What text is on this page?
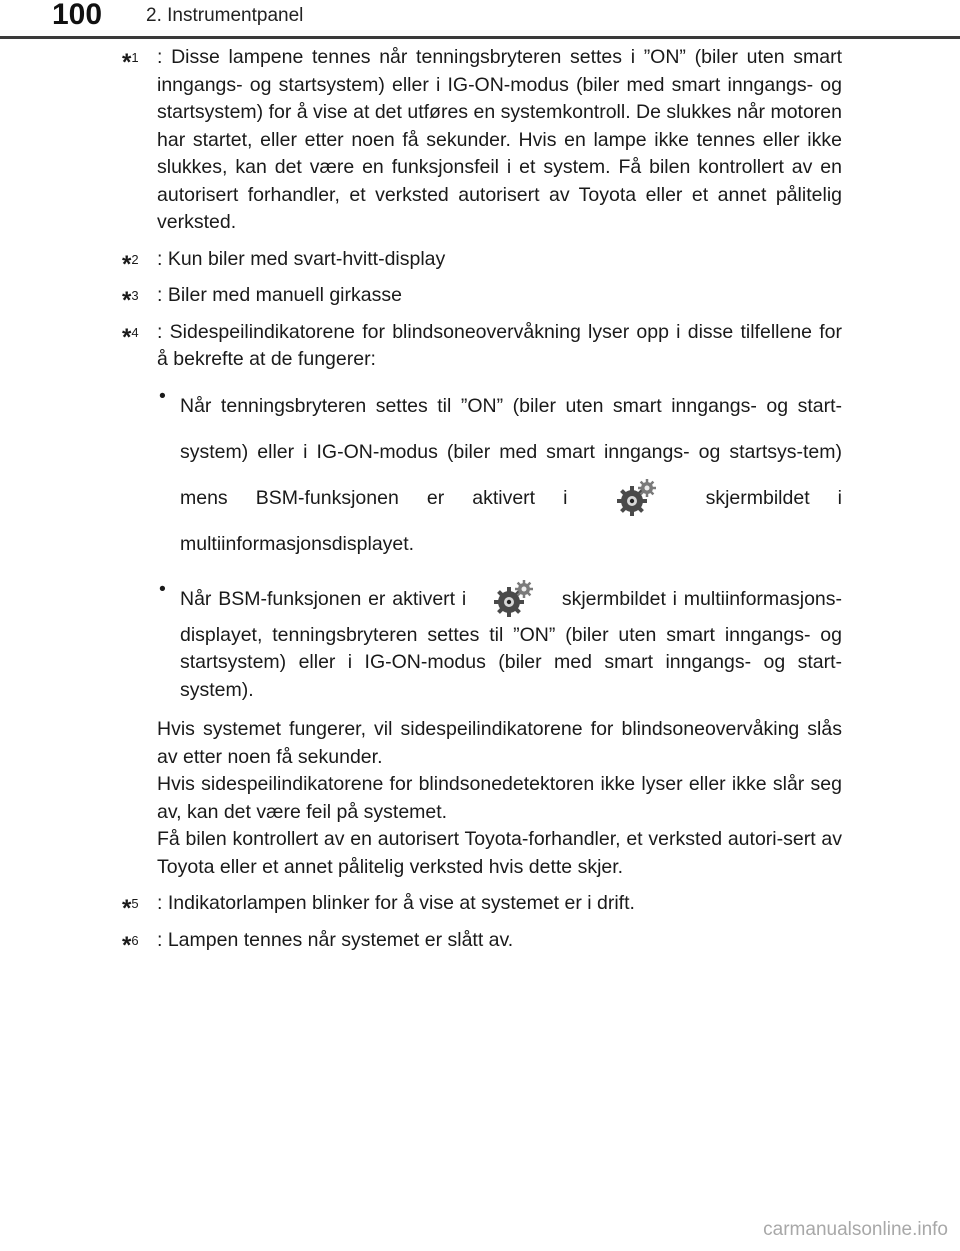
100 2. Instrumentpanel
*$^1$ : Disse lampene tennes når tenningsbryteren settes i ”ON” (biler uten smart inngangs- og startsystem) eller i IG-ON-modus (biler med smart inngangs- og startsystem) for å vise at det utføres en systemkontroll. De slukkes når motoren har startet, eller etter noen få sekunder. Hvis en lampe ikke tennes eller ikke slukkes, kan det være en funksjonsfeil i et system. Få bilen kontrollert av en autorisert forhandler, et verksted autorisert av Toyota eller et annet pålitelig verksted.
*$^2$ : Kun biler med svart-hvitt-display
*$^3$ : Biler med manuell girkasse
*$^4$ : Sidespeilindikatorene for blindsoneovervåkning lyser opp i disse tilfellene for å bekrefte at de fungerer:
• Når tenningsbryteren settes til ”ON” (biler uten smart inngangs- og start-system) eller i IG-ON-modus (biler med smart inngangs- og startsys-tem) mens BSM-funksjonen er aktivert i	skjermbildet i multiinformasjonsdisplayet.
• Når BSM-funksjonen er aktivert i	skjermbildet i multiinformasjons-displayet, tenningsbryteren settes til ”ON” (biler uten smart inngangs- og startsystem) eller i IG-ON-modus (biler med smart inngangs- og start-system).
Hvis systemet fungerer, vil sidespeilindikatorene for blindsoneovervåking slås av etter noen få sekunder.
Hvis sidespeilindikatorene for blindsonedetektoren ikke lyser eller ikke slår seg av, kan det være feil på systemet.
Få bilen kontrollert av en autorisert Toyota-forhandler, et verksted autori-sert av Toyota eller et annet pålitelig verksted hvis dette skjer.
*$^5$ : Indikatorlampen blinker for å vise at systemet er i drift.
*$^6$ : Lampen tennes når systemet er slått av.
carmanualsonline.info
